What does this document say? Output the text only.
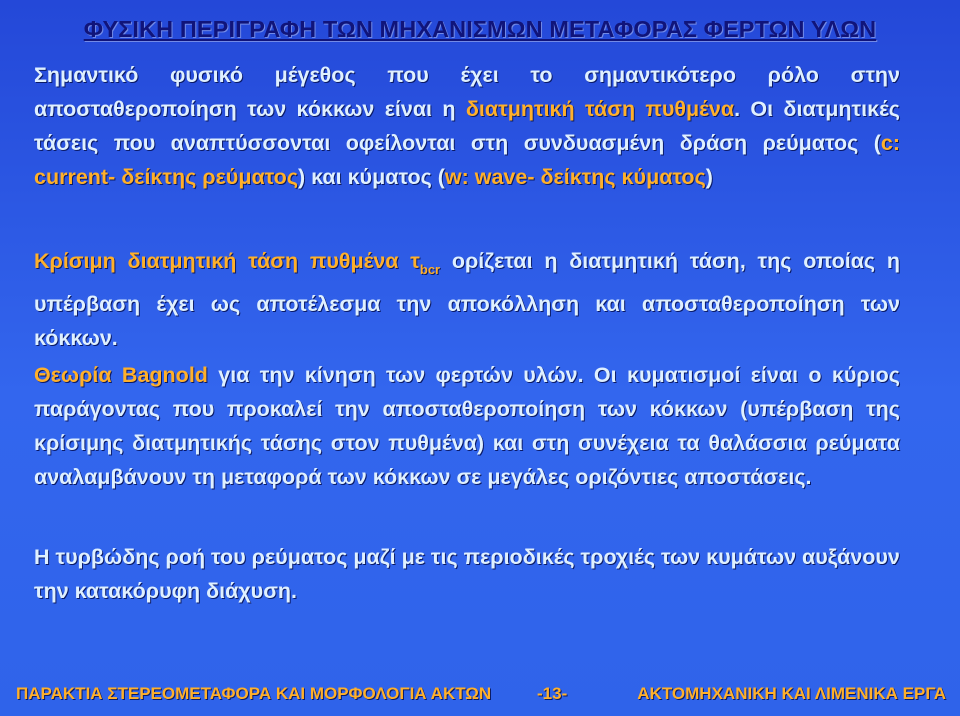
ΦΥΣΙΚΗ ΠΕΡΙΓΡΑΦΗ ΤΩΝ ΜΗΧΑΝΙΣΜΩΝ ΜΕΤΑΦΟΡΑΣ ΦΕΡΤΩΝ ΥΛΩΝ
Σημαντικό φυσικό μέγεθος που έχει το σημαντικότερο ρόλο στην αποσταθεροποίηση των κόκκων είναι η διατμητική τάση πυθμένα. Οι διατμητικές τάσεις που αναπτύσσονται οφείλονται στη συνδυασμένη δράση ρεύματος (c: current- δείκτης ρεύματος) και κύματος (w: wave- δείκτης κύματος)
Κρίσιμη διατμητική τάση πυθμένα $\tau_{bcr}$ ορίζεται η διατμητική τάση, της οποίας η υπέρβαση έχει ως αποτέλεσμα την αποκόλληση και αποσταθεροποίηση των κόκκων.
Θεωρία Bagnold για την κίνηση των φερτών υλών. Οι κυματισμοί είναι ο κύριος παράγοντας που προκαλεί την αποσταθεροποίηση των κόκκων (υπέρβαση της κρίσιμης διατμητικής τάσης στον πυθμένα) και στη συνέχεια τα θαλάσσια ρεύματα αναλαμβάνουν τη μεταφορά των κόκκων σε μεγάλες οριζόντιες αποστάσεις.
Η τυρβώδης ροή του ρεύματος μαζί με τις περιοδικές τροχιές των κυμάτων αυξάνουν την κατακόρυφη διάχυση.
ΠΑΡΑΚΤΙΑ ΣΤΕΡΕΟΜΕΤΑΦΟΡΑ ΚΑΙ ΜΟΡΦΟΛΟΓΙΑ ΑΚΤΩΝ	-13-	ΑΚΤΟΜΗΧΑΝΙΚΗ ΚΑΙ ΛΙΜΕΝΙΚΑ ΕΡΓΑ
